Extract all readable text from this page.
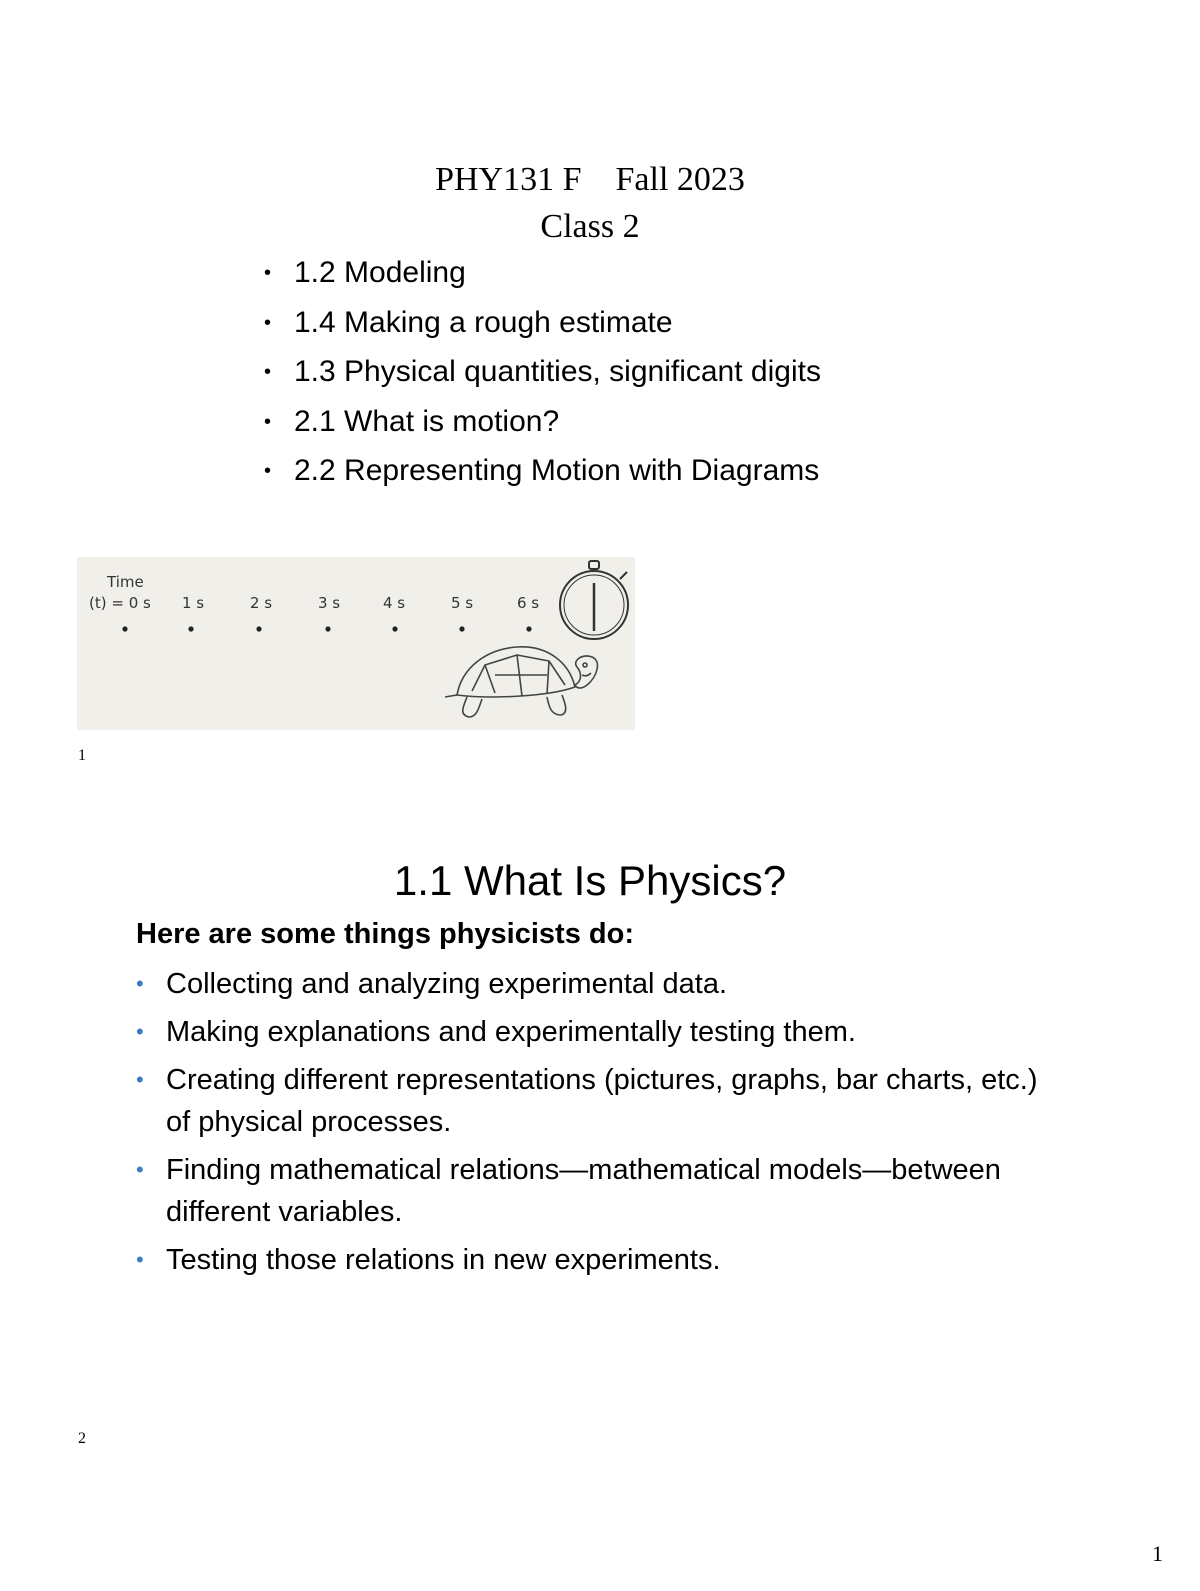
PHY131 F    Fall 2023
Class 2
• 1.2 Modeling
• 1.4 Making a rough estimate
• 1.3 Physical quantities, significant digits
• 2.1 What is motion?
• 2.2 Representing Motion with Diagrams
Time
(t) = 0 s 1 s	2 s	3 s	4 s	5 s	6 s
1
1.1 What Is Physics?
Here are some things physicists do:
• Collecting and analyzing experimental data.
• Making explanations and experimentally testing them.
• Creating different representations (pictures, graphs, bar charts, etc.) of physical processes.
• Finding mathematical relations—mathematical models—between different variables.
• Testing those relations in new experiments.
2
1
